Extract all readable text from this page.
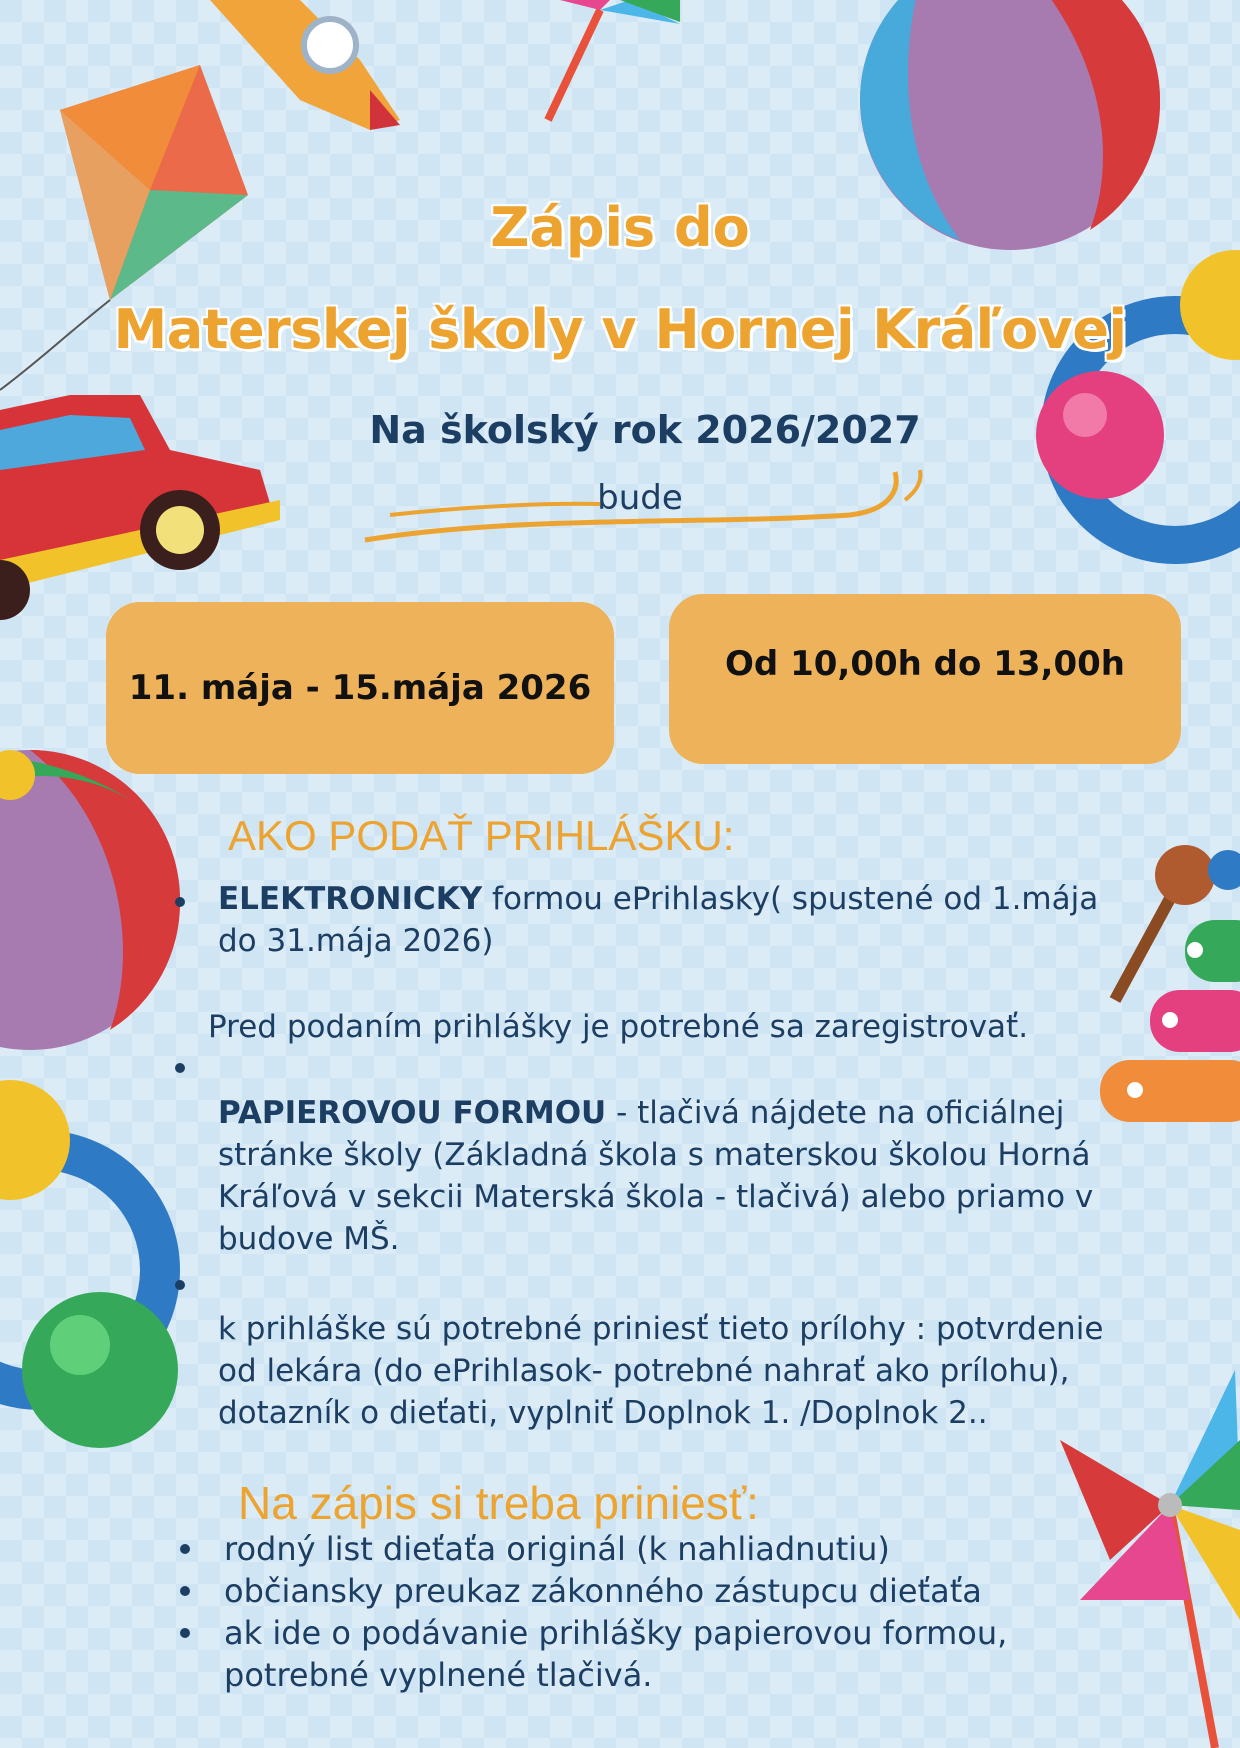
Zápis do
Materskej školy v Hornej Kráľovej
Na školský rok 2026/2027
bude
11. mája - 15.mája 2026
Od 10,00h do 13,00h
AKO PODAŤ PRIHLÁŠKU:
ELEKTRONICKY formou ePrihlasky( spustené od 1.mája do 31.mája 2026)
Pred podaním prihlášky je potrebné sa zaregistrovať.
PAPIEROVOU FORMOU - tlačivá nájdete na oficiálnej stránke školy (Základná škola s materskou školou Horná Kráľová v sekcii Materská škola - tlačivá) alebo priamo v budove MŠ.
k prihláške sú potrebné priniesť tieto prílohy : potvrdenie od lekára (do ePrihlasok- potrebné nahrať ako prílohu), dotazník o dieťati, vyplniť Doplnok 1. /Doplnok 2..
Na zápis si treba priniesť:
rodný list dieťaťa originál (k nahliadnutiu)
občiansky preukaz zákonného zástupcu dieťaťa
ak ide o podávanie prihlášky papierovou formou, potrebné vyplnené tlačivá.
